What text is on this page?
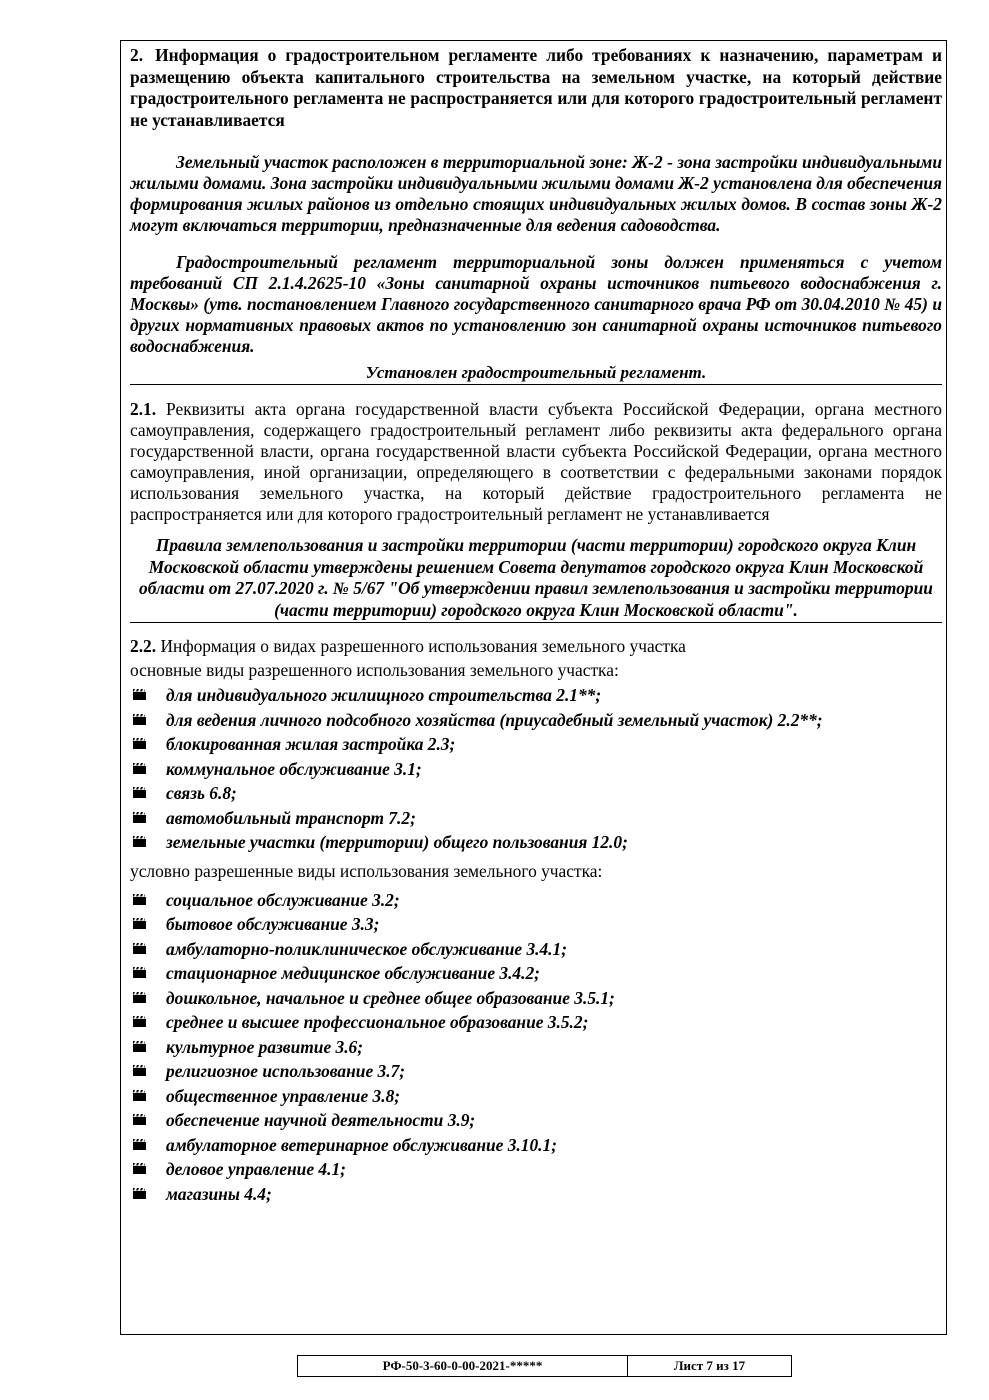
2. Информация о градостроительном регламенте либо требованиях к назначению, параметрам и размещению объекта капитального строительства на земельном участке, на который действие градостроительного регламента не распространяется или для которого градостроительный регламент не устанавливается

Земельный участок расположен в территориальной зоне: Ж-2 - зона застройки индивидуальными жилыми домами. Зона застройки индивидуальными жилыми домами Ж-2 установлена для обеспечения формирования жилых районов из отдельно стоящих индивидуальных жилых домов. В состав зоны Ж-2 могут включаться территории, предназначенные для ведения садоводства.

Градостроительный регламент территориальной зоны должен применяться с учетом требований СП 2.1.4.2625-10 «Зоны санитарной охраны источников питьевого водоснабжения г. Москвы» (утв. постановлением Главного государственного санитарного врача РФ от 30.04.2010 № 45) и других нормативных правовых актов по установлению зон санитарной охраны источников питьевого водоснабжения.

Установлен градостроительный регламент.

2.1. Реквизиты акта органа государственной власти субъекта Российской Федерации, органа местного самоуправления, содержащего градостроительный регламент либо реквизиты акта федерального органа государственной власти, органа государственной власти субъекта Российской Федерации, органа местного самоуправления, иной организации, определяющего в соответствии с федеральными законами порядок использования земельного участка, на который действие градостроительного регламента не распространяется или для которого градостроительный регламент не устанавливается

Правила землепользования и застройки территории (части территории) городского округа Клин Московской области утверждены решением Совета депутатов городского округа Клин Московской области от 27.07.2020 г. № 5/67 "Об утверждении правил землепользования и застройки территории (части территории) городского округа Клин Московской области".

2.2. Информация о видах разрешенного использования земельного участка

основные виды разрешенного использования земельного участка:

для индивидуального жилищного строительства 2.1**;
для ведения личного подсобного хозяйства (приусадебный земельный участок) 2.2**;
блокированная жилая застройка 2.3;
коммунальное обслуживание 3.1;
связь 6.8;
автомобильный транспорт 7.2;
земельные участки (территории) общего пользования 12.0;

условно разрешенные виды использования земельного участка:

социальное обслуживание 3.2;
бытовое обслуживание 3.3;
амбулаторно-поликлиническое обслуживание 3.4.1;
стационарное медицинское обслуживание 3.4.2;
дошкольное, начальное и среднее общее образование 3.5.1;
среднее и высшее профессиональное образование 3.5.2;
культурное развитие 3.6;
религиозное использование 3.7;
общественное управление 3.8;
обеспечение научной деятельности 3.9;
амбулаторное ветеринарное обслуживание 3.10.1;
деловое управление 4.1;
магазины 4.4;
РФ-50-3-60-0-00-2021-*****	Лист 7 из 17
